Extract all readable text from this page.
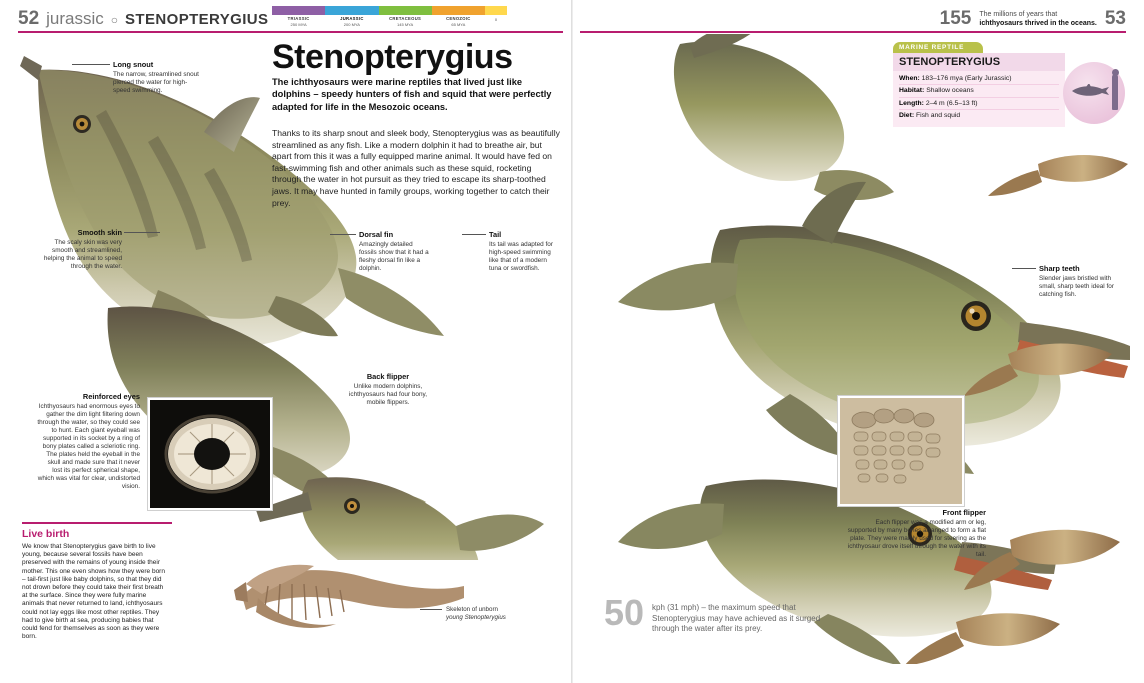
52 jurassic ○ STENOPTERYGIUS	TRIASSIC
250 MYA
JURASSIC
200 MYA
CRETACEOUS
145 MYA
CENOZOIC
65 MYA
0	155 The millions of years that
ichthyosaurs thrived in the oceans. 53
Stenopterygius
The ichthyosaurs were marine reptiles that lived just like dolphins – speedy hunters of fish and squid that were perfectly adapted for life in the Mesozoic oceans.
Thanks to its sharp snout and sleek body, Stenopterygius was as beautifully streamlined as any fish. Like a modern dolphin it had to breathe air, but apart from this it was a fully equipped marine animal. It would have fed on fast-swimming fish and other animals such as these squid, rocketing through the water in hot pursuit as they tried to escape its sharp-toothed jaws. It may have hunted in family groups, working together to catch their prey.
Long snout
The narrow, streamlined snout pierced the water for high-speed swimming.
Smooth skin
The scaly skin was very smooth and streamlined, helping the animal to speed through the water.
Reinforced eyes
Ichthyosaurs had enormous eyes to gather the dim light filtering down through the water, so they could see to hunt. Each giant eyeball was supported in its socket by a ring of bony plates called a scleriotic ring. The plates held the eyeball in the skull and made sure that it never lost its perfect spherical shape, which was vital for clear, undistorted vision.
Dorsal fin
Amazingly detailed fossils show that it had a fleshy dorsal fin like a dolphin.
Tail
Its tail was adapted for high-speed swimming like that of a modern tuna or swordfish.
Back flipper
Unlike modern dolphins, ichthyosaurs had four bony, mobile flippers.
Live birth

We know that Stenopterygius gave birth to live young, because several fossils have been preserved with the remains of young inside their mother. This one even shows how they were born – tail-first just like baby dolphins, so that they did not drown before they could take their first breath at the surface. Since they were fully marine animals that never returned to land, ichthyosaurs could not lay eggs like most other reptiles. They had to give birth at sea, producing babies that could fend for themselves as soon as they were born.

Skeleton of unborn
young Stenopterygius
MARINE REPTILE
STENOPTERYGIUS
When: 183–176 mya (Early Jurassic)
Habitat: Shallow oceans
Length: 2–4 m (6.5–13 ft)
Diet: Fish and squid
Sharp teeth
Slender jaws bristled with small, sharp teeth ideal for catching fish.
Front flipper
Each flipper was a modified arm or leg, supported by many bones arranged to form a flat plate. They were mainly used for steering as the ichthyosaur drove itself through the water with its tail.
50 kph (31 mph) – the maximum speed that Stenopterygius may have achieved as it surged through the water after its prey.
